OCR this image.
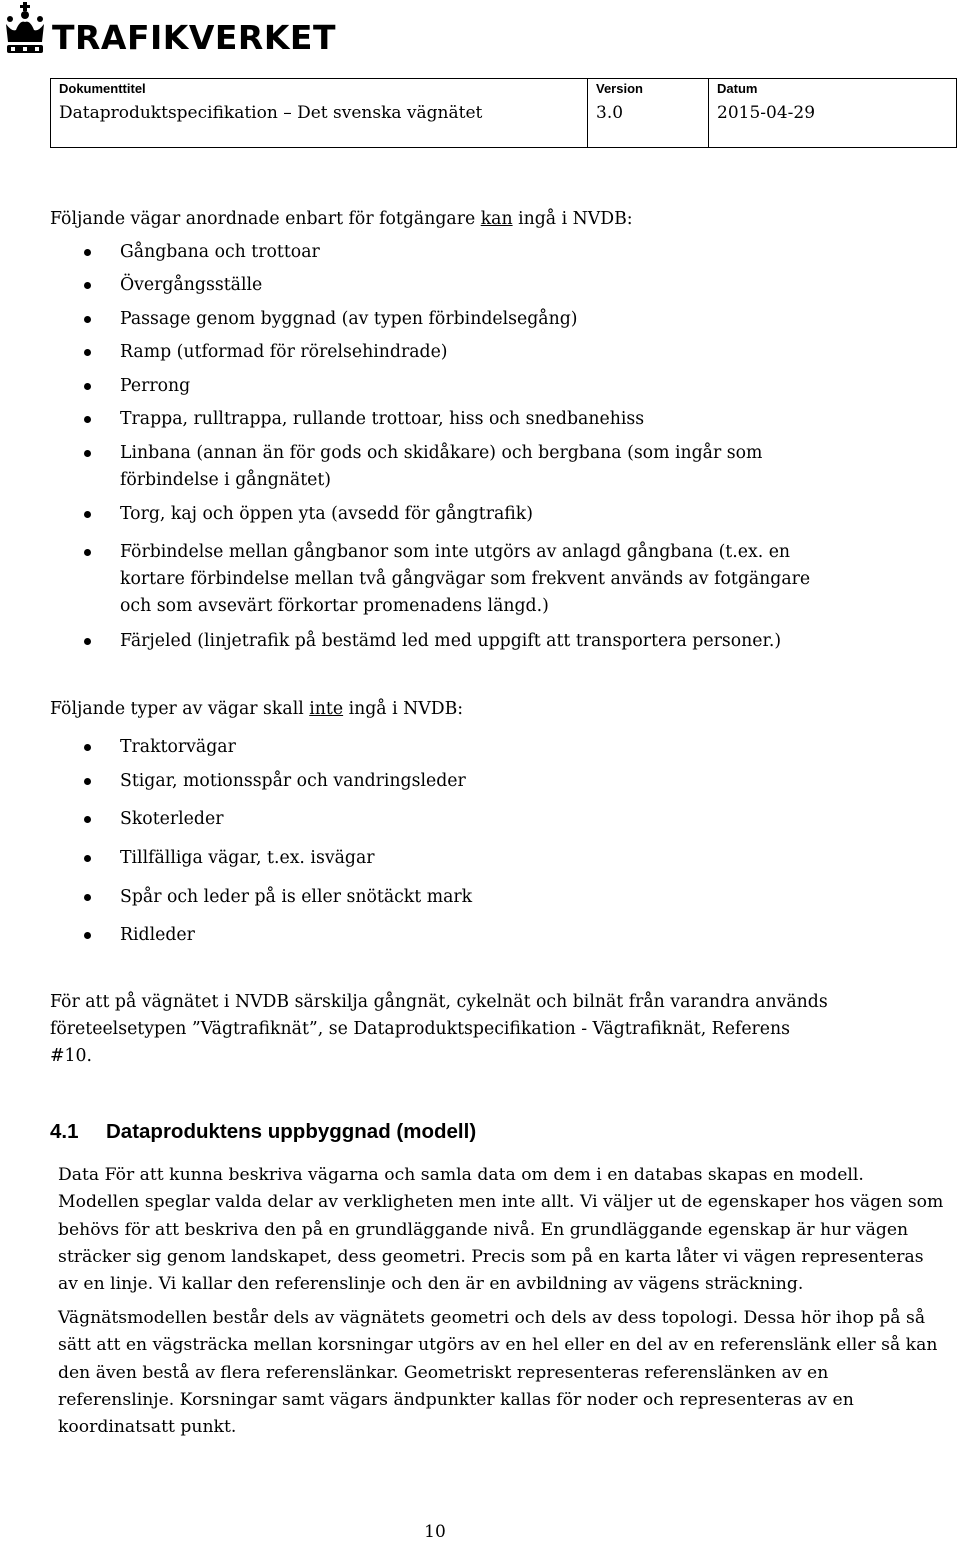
TRAFIKVERKET
Dokumenttitel
Dataproduktspecifikation – Det svenska vägnätet

Version
3.0

Datum
2015-04-29
Följande vägar anordnade enbart för fotgängare kan ingå i NVDB:
Gångbana och trottoar
Övergångsställe
Passage genom byggnad (av typen förbindelsegång)
Ramp (utformad för rörelsehindrade)
Perrong
Trappa, rulltrappa, rullande trottoar, hiss och snedbanehiss
Linbana (annan än för gods och skidåkare) och bergbana (som ingår som förbindelse i gångnätet)
Torg, kaj och öppen yta (avsedd för gångtrafik)
Förbindelse mellan gångbanor som inte utgörs av anlagd gångbana (t.ex. en kortare förbindelse mellan två gångvägar som frekvent används av fotgängare och som avsevärt förkortar promenadens längd.)
Färjeled (linjetrafik på bestämd led med uppgift att transportera personer.)
Följande typer av vägar skall inte ingå i NVDB:
Traktorvägar
Stigar, motionsspår och vandringsleder
Skoterleder
Tillfälliga vägar, t.ex. isvägar
Spår och leder på is eller snötäckt mark
Ridleder
För att på vägnätet i NVDB särskilja gångnät, cykelnät och bilnät från varandra används företeelsetypen ”Vägtrafiknät”, se Dataproduktspecifikation - Vägtrafiknät, Referens #10.
4.1 Dataproduktens uppbyggnad (modell)
Data För att kunna beskriva vägarna och samla data om dem i en databas skapas en modell. Modellen speglar valda delar av verkligheten men inte allt. Vi väljer ut de egenskaper hos vägen som behövs för att beskriva den på en grundläggande nivå. En grundläggande egenskap är hur vägen sträcker sig genom landskapet, dess geometri. Precis som på en karta låter vi vägen representeras av en linje. Vi kallar den referenslinje och den är en avbildning av vägens sträckning.
Vägnätsmodellen består dels av vägnätets geometri och dels av dess topologi. Dessa hör ihop på så sätt att en vägsträcka mellan korsningar utgörs av en hel eller en del av en referenslänk eller så kan den även bestå av flera referenslänkar. Geometriskt representeras referenslänken av en referenslinje. Korsningar samt vägars ändpunkter kallas för noder och representeras av en koordinatsatt punkt.
10
